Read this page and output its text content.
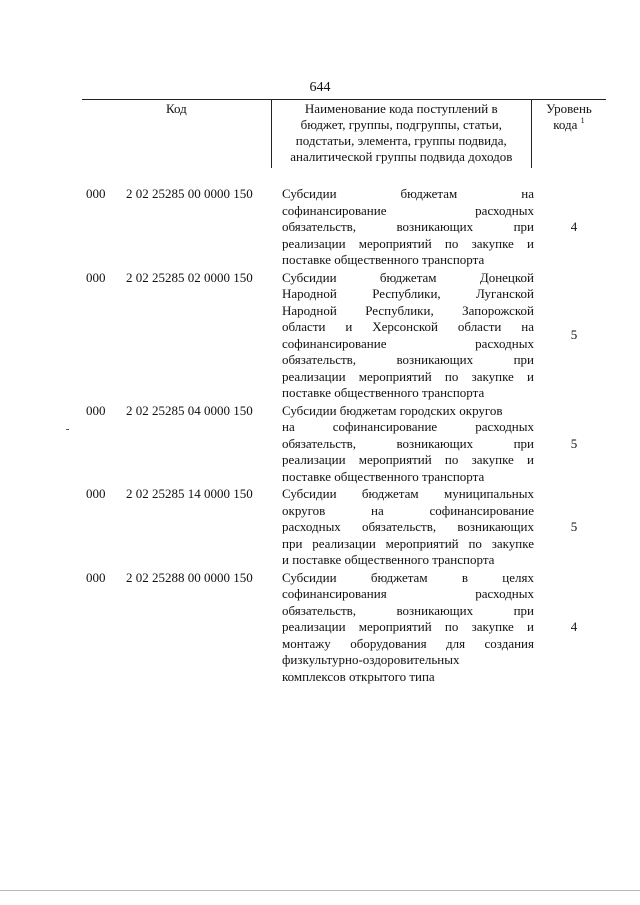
644
Код	Наименование кода поступлений в
бюджет, группы, подгруппы, статьи,
подстатьи, элемента, группы подвида,
аналитической группы подвида доходов

Уровень
кода $^1$
000	2 02 25285 00 0000 150	Субсидии бюджетам на
софинансирование расходных
обязательств, возникающих при
реализации мероприятий по закупке и
поставке общественного транспорта
4
000	2 02 25285 02 0000 150	Субсидии бюджетам Донецкой
Народной Республики, Луганской
Народной Республики, Запорожской
области и Херсонской области на
софинансирование расходных
обязательств, возникающих при
реализации мероприятий по закупке и
поставке общественного транспорта
5
000	2 02 25285 04 0000 150	Субсидии бюджетам городских округов
на софинансирование расходных
обязательств, возникающих при
реализации мероприятий по закупке и
поставке общественного транспорта
5
000	2 02 25285 14 0000 150	Субсидии бюджетам муниципальных
округов на софинансирование
расходных обязательств, возникающих
при реализации мероприятий по закупке
и поставке общественного транспорта
5
000	2 02 25288 00 0000 150	Субсидии бюджетам в целях
софинансирования расходных
обязательств, возникающих при
реализации мероприятий по закупке и
монтажу оборудования для создания
физкультурно-оздоровительных
комплексов открытого типа
4
